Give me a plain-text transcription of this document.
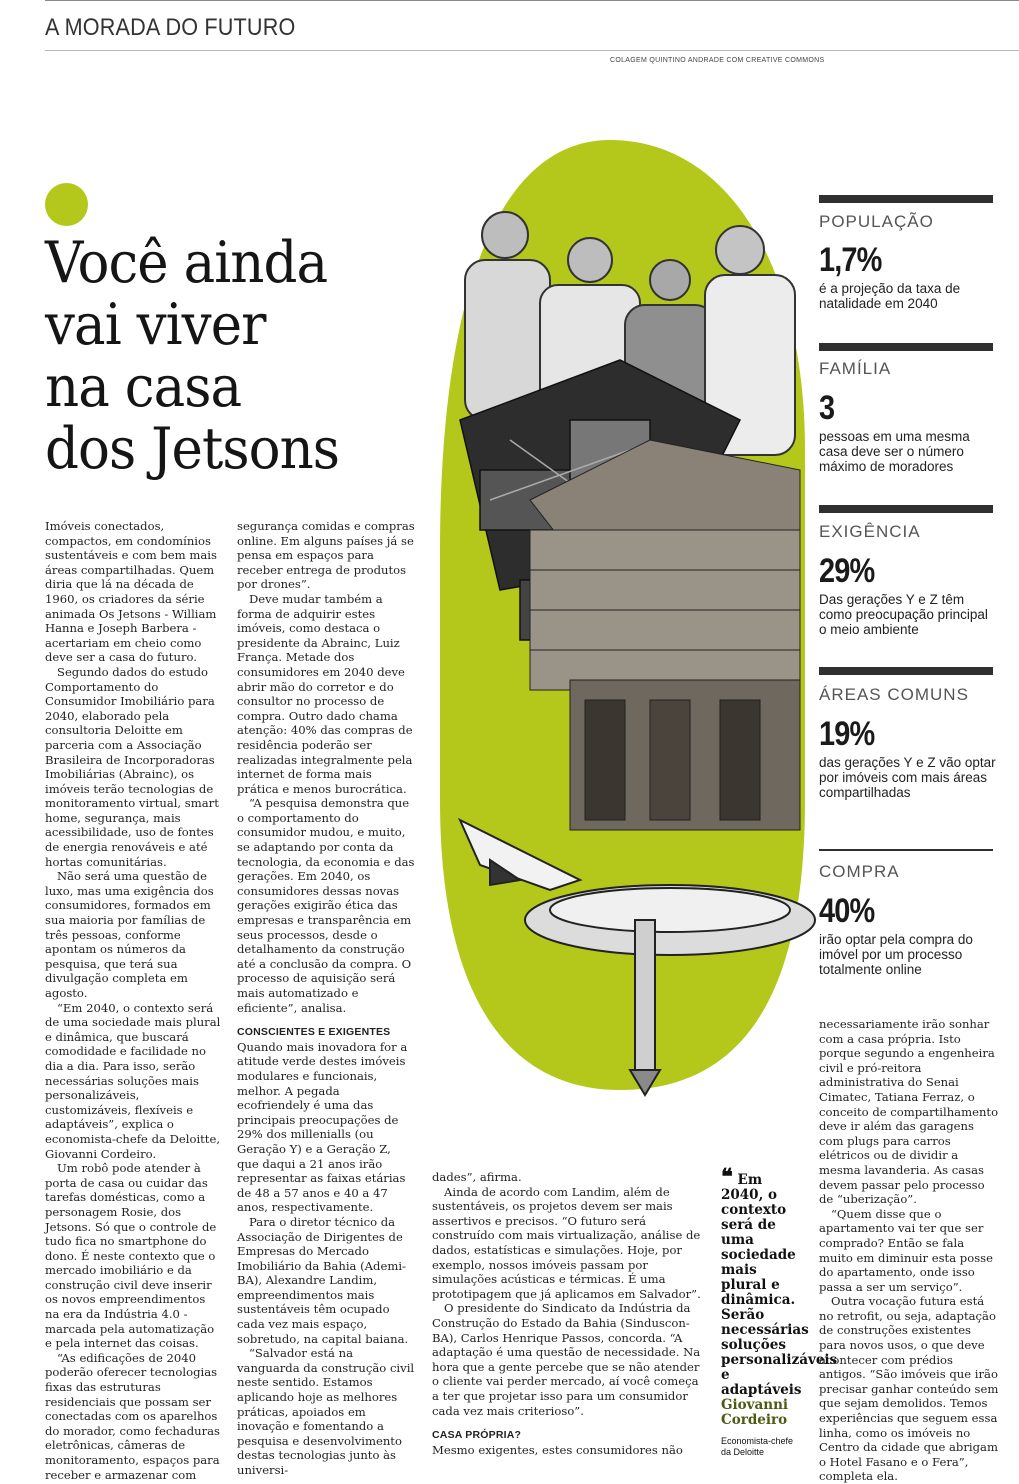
A MORADA DO FUTURO
COLAGEM QUINTINO ANDRADE COM CREATIVE COMMONS
Você ainda
vai viver
na casa
dos Jetsons

Imóveis conectados, compactos, em condomínios sustentáveis e com bem mais áreas compartilhadas. Quem diria que lá na década de 1960, os criadores da série animada Os Jetsons - William Hanna e Joseph Barbera - acertariam em cheio como deve ser a casa do futuro.

Segundo dados do estudo Comportamento do Consumidor Imobiliário para 2040, elaborado pela consultoria Deloitte em parceria com a Associação Brasileira de Incorporadoras Imobiliárias (Abrainc), os imóveis terão tecnologias de monitoramento virtual, smart home, segurança, mais acessibilidade, uso de fontes de energia renováveis e até hortas comunitárias.

Não será uma questão de luxo, mas uma exigência dos consumidores, formados em sua maioria por famílias de três pessoas, conforme apontam os números da pesquisa, que terá sua divulgação completa em agosto.

“Em 2040, o contexto será de uma sociedade mais plural e dinâmica, que buscará comodidade e facilidade no dia a dia. Para isso, serão necessárias soluções mais personalizáveis, customizáveis, flexíveis e adaptáveis”, explica o economista-chefe da Deloitte, Giovanni Cordeiro.

Um robô pode atender à porta de casa ou cuidar das tarefas domésticas, como a personagem Rosie, dos Jetsons. Só que o controle de tudo fica no smartphone do dono. É neste contexto que o mercado imobiliário e da construção civil deve inserir os novos empreendimentos na era da Indústria 4.0 - marcada pela automatização e pela internet das coisas.

“As edificações de 2040 poderão oferecer tecnologias fixas das estruturas residenciais que possam ser conectadas com os aparelhos do morador, como fechaduras eletrônicas, câmeras de monitoramento, espaços para receber e armazenar com

segurança comidas e compras online. Em alguns países já se pensa em espaços para receber entrega de produtos por drones”.

Deve mudar também a forma de adquirir estes imóveis, como destaca o presidente da Abrainc, Luiz França. Metade dos consumidores em 2040 deve abrir mão do corretor e do consultor no processo de compra. Outro dado chama atenção: 40% das compras de residência poderão ser realizadas integralmente pela internet de forma mais prática e menos burocrática.

“A pesquisa demonstra que o comportamento do consumidor mudou, e muito, se adaptando por conta da tecnologia, da economia e das gerações. Em 2040, os consumidores dessas novas gerações exigirão ética das empresas e transparência em seus processos, desde o detalhamento da construção até a conclusão da compra. O processo de aquisição será mais automatizado e eficiente”, analisa.

CONSCIENTES E EXIGENTES

Quando mais inovadora for a atitude verde destes imóveis modulares e funcionais, melhor. A pegada ecofriendely é uma das principais preocupações de 29% dos millenialls (ou Geração Y) e a Geração Z, que daqui a 21 anos irão representar as faixas etárias de 48 a 57 anos e 40 a 47 anos, respectivamente.

Para o diretor técnico da Associação de Dirigentes de Empresas do Mercado Imobiliário da Bahia (Ademi-BA), Alexandre Landim, empreendimentos mais sustentáveis têm ocupado cada vez mais espaço, sobretudo, na capital baiana.

“Salvador está na vanguarda da construção civil neste sentido. Estamos aplicando hoje as melhores práticas, apoiados em inovação e fomentando a pesquisa e desenvolvimento destas tecnologias junto às universi-

dades”, afirma.

Ainda de acordo com Landim, além de sustentáveis, os projetos devem ser mais assertivos e precisos. “O futuro será construído com mais virtualização, análise de dados, estatísticas e simulações. Hoje, por exemplo, nossos imóveis passam por simulações acústicas e térmicas. É uma prototipagem que já aplicamos em Salvador”.

O presidente do Sindicato da Indústria da Construção do Estado da Bahia (Sinduscon-BA), Carlos Henrique Passos, concorda. “A adaptação é uma questão de necessidade. Na hora que a gente percebe que se não atender o cliente vai perder mercado, aí você começa a ter que projetar isso para um consumidor cada vez mais criterioso”.

CASA PRÓPRIA?

Mesmo exigentes, estes consumidores não

❝ Em 2040, o contexto será de uma sociedade mais plural e dinâmica. Serão necessárias soluções personalizáveis e adaptáveis
Giovanni Cordeiro
Economista-chefe da Deloitte

necessariamente irão sonhar com a casa própria. Isto porque segundo a engenheira civil e pró-reitora administrativa do Senai Cimatec, Tatiana Ferraz, o conceito de compartilhamento deve ir além das garagens com plugs para carros elétricos ou de dividir a mesma lavanderia. As casas devem passar pelo processo de “uberização”.

“Quem disse que o apartamento vai ter que ser comprado? Então se fala muito em diminuir esta posse do apartamento, onde isso passa a ser um serviço”.

Outra vocação futura está no retrofit, ou seja, adaptação de construções existentes para novos usos, o que deve acontecer com prédios antigos. “São imóveis que irão precisar ganhar conteúdo sem que sejam demolidos. Temos experiências que seguem essa linha, como os imóveis no Centro da cidade que abrigam o Hotel Fasano e o Fera”, completa ela.

POPULAÇÃO
1,7%
é a projeção da taxa de natalidade em 2040
FAMÍLIA
3
pessoas em uma mesma casa deve ser o número máximo de moradores
EXIGÊNCIA
29%
Das gerações Y e Z têm como preocupação principal o meio ambiente
ÁREAS COMUNS
19%
das gerações Y e Z vão optar por imóveis com mais áreas compartilhadas
COMPRA
40%
irão optar pela compra do imóvel por um processo totalmente online
